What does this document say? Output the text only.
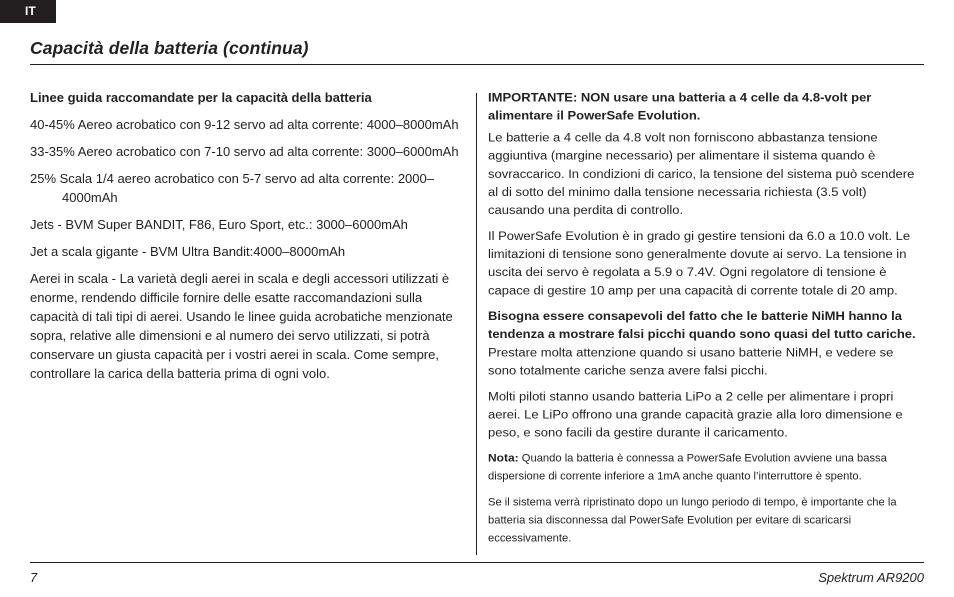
IT
Capacità della batteria (continua)

Linee guida raccomandate per la capacità della batteria

40-45% Aereo acrobatico con 9-12 servo ad alta corrente: 4000–8000mAh

33-35% Aereo acrobatico con 7-10 servo ad alta corrente: 3000–6000mAh

25% Scala 1/4 aereo acrobatico con 5-7 servo ad alta corrente: 2000–4000mAh

Jets - BVM Super BANDIT, F86, Euro Sport, etc.: 3000–6000mAh

Jet a scala gigante - BVM Ultra Bandit:4000–8000mAh

Aerei in scala - La varietà degli aerei in scala e degli accessori utilizzati è enorme, rendendo difficile fornire delle esatte raccomandazioni sulla capacità di tali tipi di aerei. Usando le linee guida acrobatiche menzionate sopra, relative alle dimensioni e al numero dei servo utilizzati, si potrà conservare un giusta capacità per i vostri aerei in scala. Come sempre, controllare la carica della batteria prima di ogni volo.

IMPORTANTE: NON usare una batteria a 4 celle da 4.8-volt per alimentare il PowerSafe Evolution.

Le batterie a 4 celle da 4.8 volt non forniscono abbastanza tensione aggiuntiva (margine necessario) per alimentare il sistema quando è sovraccarico. In condizioni di carico, la tensione del sistema può scendere al di sotto del minimo dalla tensione necessaria richiesta (3.5 volt) causando una perdita di controllo.

Il PowerSafe Evolution è in grado gi gestire tensioni da 6.0 a 10.0 volt. Le limitazioni di tensione sono generalmente dovute ai servo. La tensione in uscita dei servo è regolata a 5.9 o 7.4V. Ogni regolatore di tensione è capace di gestire 10 amp per una capacità di corrente totale di 20 amp.

Bisogna essere consapevoli del fatto che le batterie NiMH hanno la tendenza a mostrare falsi picchi quando sono quasi del tutto cariche. Prestare molta attenzione quando si usano batterie NiMH, e vedere se sono totalmente cariche senza avere falsi picchi.

Molti piloti stanno usando batteria LiPo a 2 celle per alimentare i propri aerei. Le LiPo offrono una grande capacità grazie alla loro dimensione e peso, e sono facili da gestire durante il caricamento.

Nota: Quando la batteria è connessa a PowerSafe Evolution avviene una bassa dispersione di corrente inferiore a 1mA anche quanto l’interruttore è spento.

Se il sistema verrà ripristinato dopo un lungo periodo di tempo, è importante che la batteria sia disconnessa dal PowerSafe Evolution per evitare di scaricarsi eccessivamente.

7	Spektrum AR9200
